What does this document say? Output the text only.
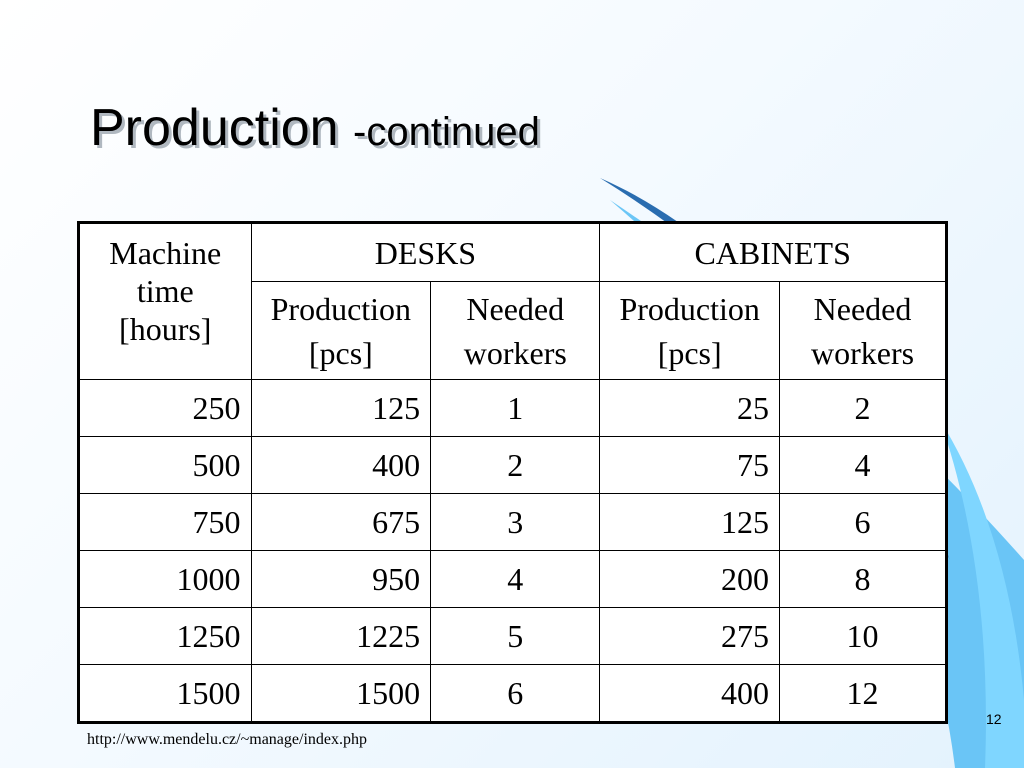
Production -continued
Machine time [hours]	DESKS		CABINETS	
	Production [pcs]	Needed workers	Production [pcs]	Needed workers
250	125	1	25	2
500	400	2	75	4
750	675	3	125	6
1000	950	4	200	8
1250	1225	5	275	10
1500	1500	6	400	12
12
http://www.mendelu.cz/~manage/index.php
